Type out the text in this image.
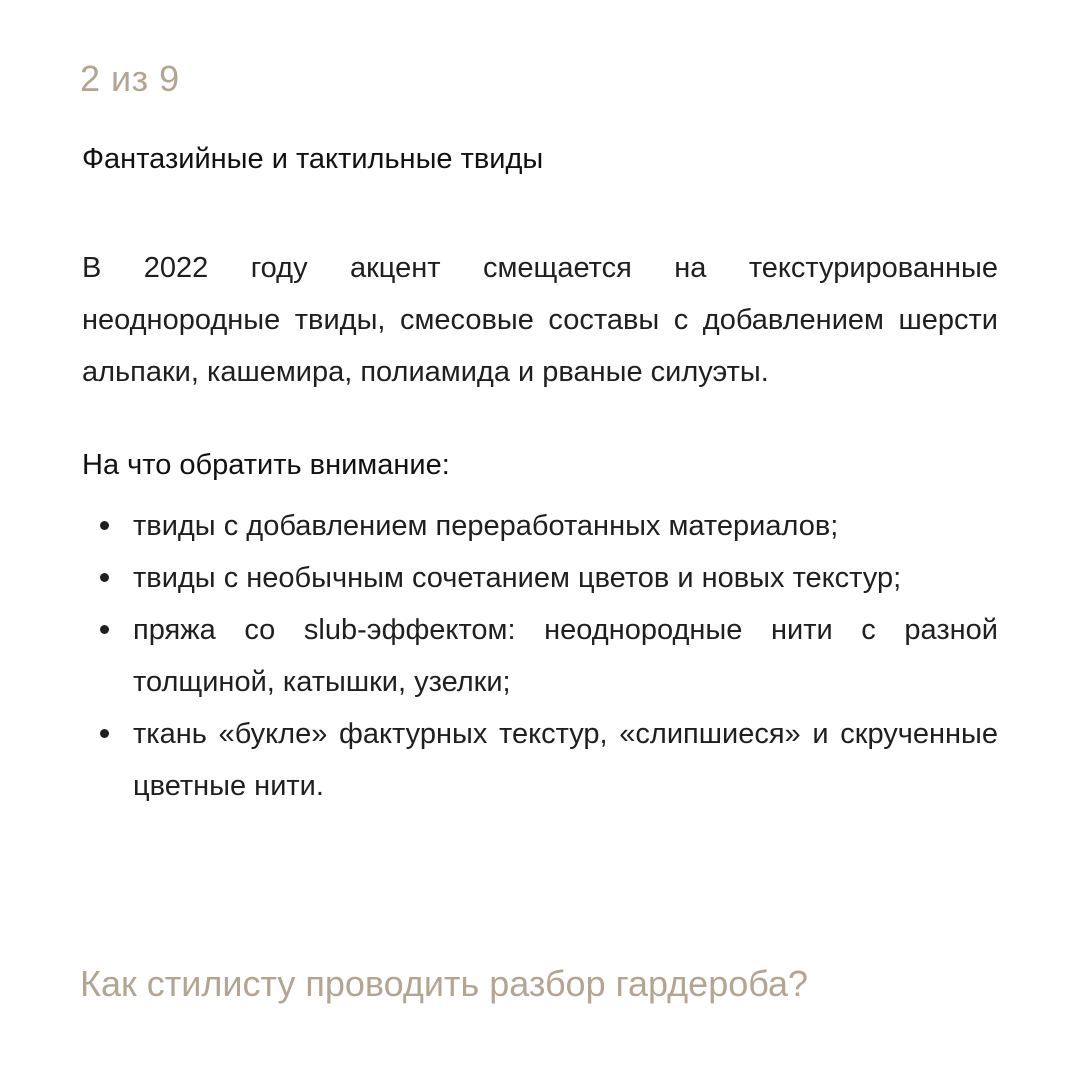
2 из 9
Фантазийные и тактильные твиды
В 2022 году акцент смещается на текстурированные неоднородные твиды, смесовые составы с добавлением шерсти альпаки, кашемира, полиамида и рваные силуэты.
На что обратить внимание:
твиды с добавлением переработанных материалов;
твиды с необычным сочетанием цветов и новых текстур;
пряжа со slub-эффектом: неоднородные нити с разной толщиной, катышки, узелки;
ткань «букле» фактурных текстур, «слипшиеся» и скрученные цветные нити.
Как стилисту проводить разбор гардероба?
